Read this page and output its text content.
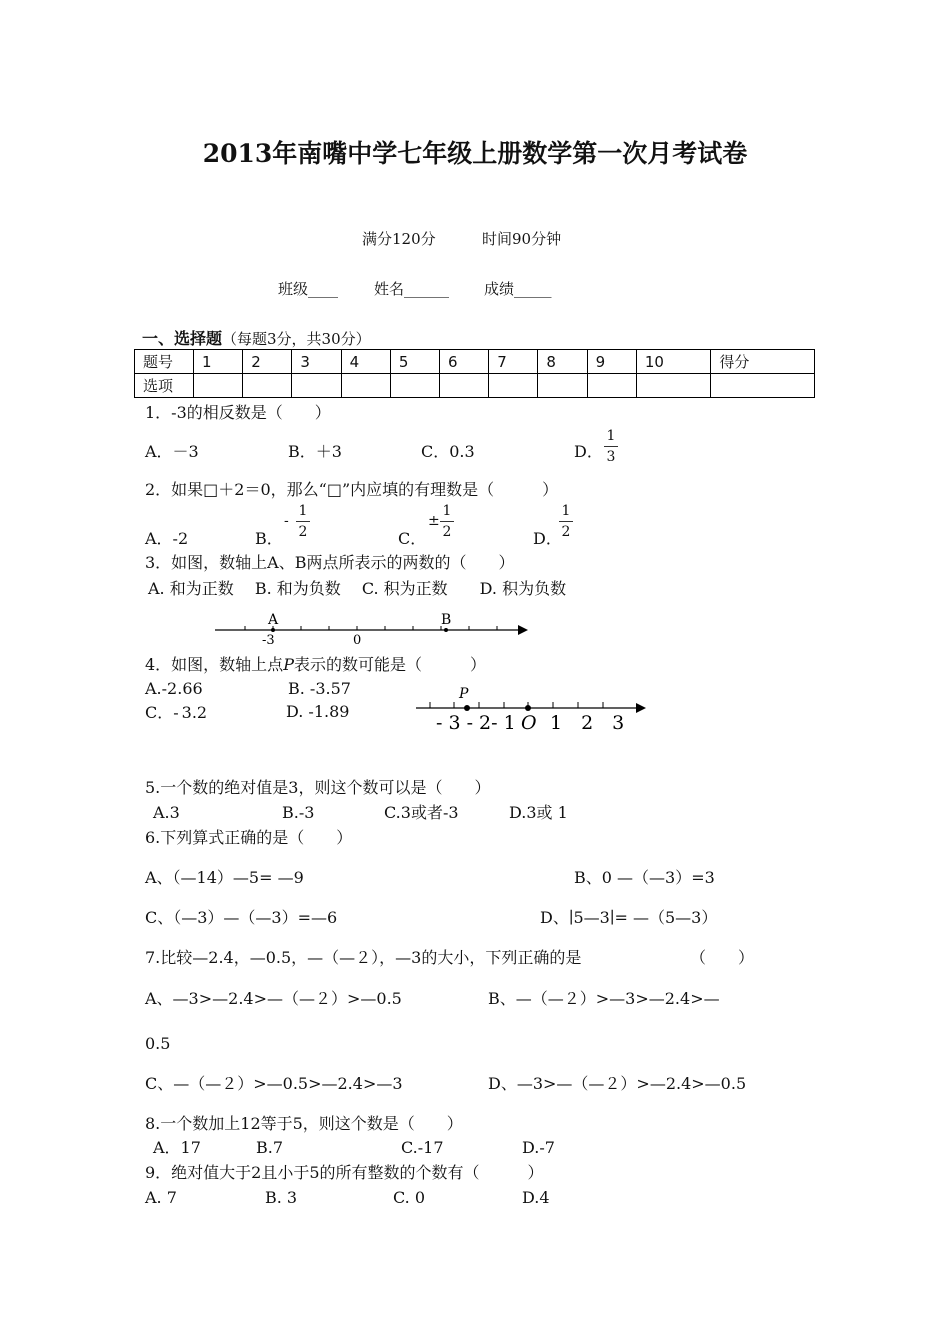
2013年南嘴中学七年级上册数学第一次月考试卷
满分120分	时间90分钟
班级____ 姓名______ 成绩_____
一、选择题（每题3分，共30分）
题号	1	2	3	4	5	6	7	8	9	10	得分
选项											
1．-3的相反数是（　　）
A．－3	B．＋3	C．0.3	D．
1
3
2．如果□＋2＝0，那么“□”内应填的有理数是（　　　）
A．-2	B．
-
1
2	C．
±
1
2	D．
1
2
3．如图，数轴上A、B两点所表示的两数的（　　）
A. 和为正数　 B. 和为负数　 C. 积为正数　　D. 积为负数
A	B
-3	0
4．如图，数轴上点P表示的数可能是（　　　）
A.-2.66	B. -3.57
C．- 3.2	D. -1.89
P
- 3 - 2- 1 O 1　2　3
5.一个数的绝对值是3，则这个数可以是（　　）
A.3	B.-3	C.3或者-3	D.3或 1
6.下列算式正确的是（　　）
A、（—14）—5= —9	B、0 —（—3）=3
C、（—3）—（—3）=—6	D、∣5—3∣= —（5—3）
7.比较—2.4，—0.5，—（—２），—3的大小，下列正确的是	（　　）
A、—3>—2.4>—（—２）>—0.5	B、—（—２）>—3>—2.4>—
0.5
C、—（—２）>—0.5>—2.4>—3	D、—3>—（—２）>—2.4>—0.5
8.一个数加上12等于5，则这个数是（　　）
A．17	B.7	C.-17	D.-7
9．绝对值大于2且小于5的所有整数的个数有（　　　）
A. 7	B. 3	C. 0	D.4
